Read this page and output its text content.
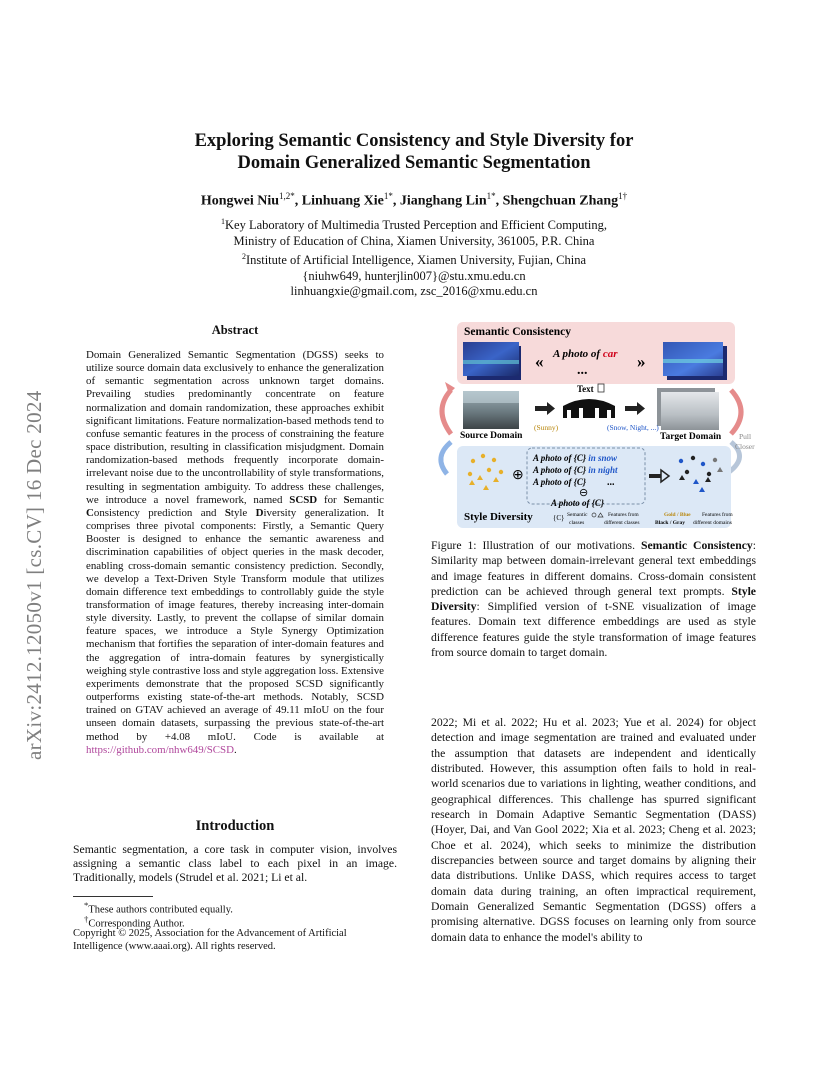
arXiv:2412.12050v1 [cs.CV] 16 Dec 2024
Exploring Semantic Consistency and Style Diversity for
Domain Generalized Semantic Segmentation
Hongwei Niu$^{1,2*}$, Linhuang Xie$^{1*}$, Jianghang Lin$^{1*}$, Shengchuan Zhang$^{1\dagger}$
$^1$Key Laboratory of Multimedia Trusted Perception and Efficient Computing,
Ministry of Education of China, Xiamen University, 361005, P.R. China
$^2$Institute of Artificial Intelligence, Xiamen University, Fujian, China
{niuhw649, hunterjlin007}@stu.xmu.edu.cn
linhuangxie@gmail.com, zsc_2016@xmu.edu.cn
Abstract
Domain Generalized Semantic Segmentation (DGSS) seeks to utilize source domain data exclusively to enhance the generalization of semantic segmentation across unknown target domains. Prevailing studies predominantly concentrate on feature normalization and domain randomization, these approaches exhibit significant limitations. Feature normalization-based methods tend to confuse semantic features in the process of constraining the feature space distribution, resulting in classification misjudgment. Domain randomization-based methods frequently incorporate domain-irrelevant noise due to the uncontrollability of style transformations, resulting in segmentation ambiguity. To address these challenges, we introduce a novel framework, named SCSD for Semantic Consistency prediction and Style Diversity generalization. It comprises three pivotal components: Firstly, a Semantic Query Booster is designed to enhance the semantic awareness and discrimination capabilities of object queries in the mask decoder, enabling cross-domain semantic consistency prediction. Secondly, we develop a Text-Driven Style Transform module that utilizes domain difference text embeddings to controllably guide the style transformation of image features, thereby increasing inter-domain style diversity. Lastly, to prevent the collapse of similar domain feature spaces, we introduce a Style Synergy Optimization mechanism that fortifies the separation of inter-domain features and the aggregation of intra-domain features by synergistically weighing style contrastive loss and style aggregation loss. Extensive experiments demonstrate that the proposed SCSD significantly outperforms existing state-of-the-art methods. Notably, SCSD trained on GTAV achieved an average of 49.11 mIoU on the four unseen domain datasets, surpassing the previous state-of-the-art method by +4.08 mIoU. Code is available at https://github.com/nhw649/SCSD.
Introduction
Semantic segmentation, a core task in computer vision, involves assigning a semantic class label to each pixel in an image. Traditionally, models (Strudel et al. 2021; Li et al.
*These authors contributed equally.
†Corresponding Author.
Copyright © 2025, Association for the Advancement of Artificial Intelligence (www.aaai.org). All rights reserved.
Semantic Consistency
«	»
A photo of car
...
Text
(Sunny)	(Snow, Night, ...)
Source Domain	Target Domain Pull
Closer
⊕
A photo of {C} in snow
A photo of {C} in night
A photo of {C} ...
⊖
A photo of {C}
Style Diversity	{C} Semantic
classes
Features from
different classes
Gold / Blue
Black / Gray
Features from
different domains
Figure 1: Illustration of our motivations. Semantic Consistency: Similarity map between domain-irrelevant general text embeddings and image features in different domains. Cross-domain consistent prediction can be achieved through general text prompts. Style Diversity: Simplified version of t-SNE visualization of image features. Domain text difference embeddings are used as style difference features guide the style transformation of image features from source domain to target domain.
2022; Mi et al. 2022; Hu et al. 2023; Yue et al. 2024) for object detection and image segmentation are trained and evaluated under the assumption that datasets are independent and identically distributed. However, this assumption often fails to hold in real-world scenarios due to variations in lighting, weather conditions, and geographical differences. This challenge has spurred significant research in Domain Adaptive Semantic Segmentation (DASS) (Hoyer, Dai, and Van Gool 2022; Xia et al. 2023; Cheng et al. 2023; Choe et al. 2024), which seeks to minimize the distribution discrepancies between source and target domains by aligning their data distributions. Unlike DASS, which requires access to target domain data during training, an often impractical requirement, Domain Generalized Semantic Segmentation (DGSS) offers a promising alternative. DGSS focuses on learning only from source domain data to enhance the model's ability to
